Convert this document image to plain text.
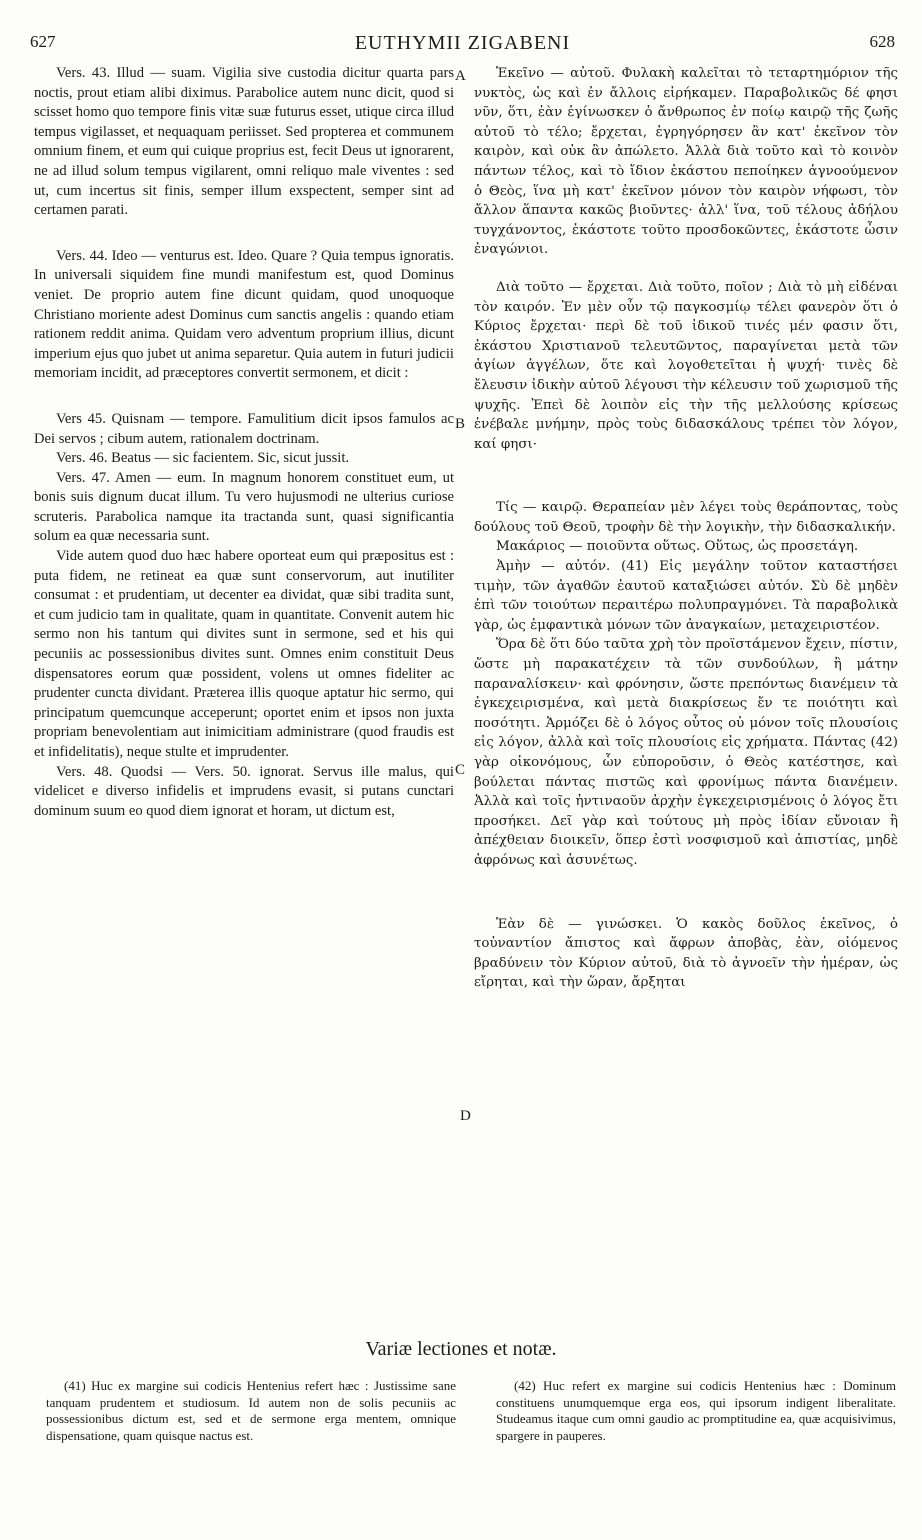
627	EUTHYMII ZIGABENI	628

Vers. 43. Illud — suam. Vigilia sive custodia dicitur quarta pars noctis, prout etiam alibi diximus. Parabolice autem nunc dicit, quod si scisset homo quo tempore finis vitæ suæ futurus esset, utique circa illud tempus vigilasset, et nequaquam periisset. Sed propterea et communem omnium finem, et eum qui cuique proprius est, fecit Deus ut ignorarent, ne ad illud solum tempus vigilarent, omni reliquo male viventes : sed ut, cum incertus sit finis, semper illum exspectent, semper sint ad certamen parati.

Vers. 44. Ideo — venturus est. Ideo. Quare ? Quia tempus ignoratis. In universali siquidem fine mundi manifestum est, quod Dominus veniet. De proprio autem fine dicunt quidam, quod unoquoque Christiano moriente adest Dominus cum sanctis angelis : quando etiam rationem reddit anima. Quidam vero adventum proprium illius, dicunt imperium ejus quo jubet ut anima separetur. Quia autem in futuri judicii memoriam incidit, ad præceptores convertit sermonem, et dicit :

Vers 45. Quisnam — tempore. Famulitium dicit ipsos famulos ac Dei servos ; cibum autem, rationalem doctrinam.

Vers. 46. Beatus — sic facientem. Sic, sicut jussit.

Vers. 47. Amen — eum. In magnum honorem constituet eum, ut bonis suis dignum ducat illum. Tu vero hujusmodi ne ulterius curiose scruteris. Parabolica namque ita tractanda sunt, quasi significantia solum ea quæ necessaria sunt.

Vide autem quod duo hæc habere oporteat eum qui præpositus est : puta fidem, ne retineat ea quæ sunt conservorum, aut inutiliter consumat : et prudentiam, ut decenter ea dividat, quæ sibi tradita sunt, et cum judicio tam in qualitate, quam in quantitate. Convenit autem hic sermo non his tantum qui divites sunt in sermone, sed et his qui pecuniis ac possessionibus divites sunt. Omnes enim constituit Deus dispensatores eorum quæ possident, volens ut omnes fideliter ac prudenter cuncta dividant. Præterea illis quoque aptatur hic sermo, qui principatum quemcunque acceperunt; oportet enim et ipsos non juxta propriam benevolentiam aut inimicitiam administrare (quod fraudis est et infidelitatis), neque stulte et imprudenter.

Vers. 48. Quodsi — Vers. 50. ignorat. Servus ille malus, qui videlicet e diverso infidelis et imprudens evasit, si putans cunctari dominum suum eo quod diem ignorat et horam, ut dictum est,

A
B
C
D

Ἐκεῖνο — αὐτοῦ. Φυλακὴ καλεῖται τὸ τεταρτημόριον τῆς νυκτὸς, ὡς καὶ ἐν ἄλλοις εἰρήκαμεν. Παραβολικῶς δέ φησι νῦν, ὅτι, ἐὰν ἐγίνωσκεν ὁ ἄνθρωπος ἐν ποίῳ καιρῷ τῆς ζωῆς αὐτοῦ τὸ τέλο; ἔρχεται, ἐγρηγόρησεν ἂν κατ' ἐκεῖνον τὸν καιρὸν, καὶ οὐκ ἂν ἀπώλετο. Ἀλλὰ διὰ τοῦτο καὶ τὸ κοινὸν πάντων τέλος, καὶ τὸ ἴδιον ἑκάστου πεποίηκεν ἀγνοούμενον ὁ Θεὸς, ἵνα μὴ κατ' ἐκεῖνον μόνον τὸν καιρὸν νήφωσι, τὸν ἄλλον ἅπαντα κακῶς βιοῦντες· ἀλλ' ἵνα, τοῦ τέλους ἀδήλου τυγχάνοντος, ἑκάστοτε τοῦτο προσδοκῶντες, ἑκάστοτε ὦσιν ἐναγώνιοι.

Διὰ τοῦτο — ἔρχεται. Διὰ τοῦτο, ποῖον ; Διὰ τὸ μὴ εἰδέναι τὸν καιρόν. Ἐν μὲν οὖν τῷ παγκοσμίῳ τέλει φανερὸν ὅτι ὁ Κύριος ἔρχεται· περὶ δὲ τοῦ ἰδικοῦ τινές μέν φασιν ὅτι, ἑκάστου Χριστιανοῦ τελευτῶντος, παραγίνεται μετὰ τῶν ἁγίων ἀγγέλων, ὅτε καὶ λογοθετεῖται ἡ ψυχή· τινὲς δὲ ἔλευσιν ἰδικὴν αὐτοῦ λέγουσι τὴν κέλευσιν τοῦ χωρισμοῦ τῆς ψυχῆς. Ἐπεὶ δὲ λοιπὸν εἰς τὴν τῆς μελλούσης κρίσεως ἐνέβαλε μνήμην, πρὸς τοὺς διδασκάλους τρέπει τὸν λόγον, καί φησι·

Τίς — καιρῷ. Θεραπείαν μὲν λέγει τοὺς θεράποντας, τοὺς δούλους τοῦ Θεοῦ, τροφὴν δὲ τὴν λογικὴν, τὴν διδασκαλικήν.

Μακάριος — ποιοῦντα οὕτως. Οὕτως, ὡς προσετάγη.

Ἀμὴν — αὐτόν. (41) Εἰς μεγάλην τοῦτον καταστήσει τιμὴν, τῶν ἀγαθῶν ἑαυτοῦ καταξιώσει αὐτόν. Σὺ δὲ μηδὲν ἐπὶ τῶν τοιούτων περαιτέρω πολυπραγμόνει. Τὰ παραβολικὰ γὰρ, ὡς ἐμφαντικὰ μόνων τῶν ἀναγκαίων, μεταχειριστέον.

Ὅρα δὲ ὅτι δύο ταῦτα χρὴ τὸν προϊστάμενον ἔχειν, πίστιν, ὥστε μὴ παρακατέχειν τὰ τῶν συνδούλων, ἢ μάτην παραναλίσκειν· καὶ φρόνησιν, ὥστε πρεπόντως διανέμειν τὰ ἐγκεχειρισμένα, καὶ μετὰ διακρίσεως ἔν τε ποιότητι καὶ ποσότητι. Ἁρμόζει δὲ ὁ λόγος οὗτος οὐ μόνον τοῖς πλουσίοις εἰς λόγον, ἀλλὰ καὶ τοῖς πλουσίοις εἰς χρήματα. Πάντας (42) γὰρ οἰκονόμους, ὧν εὐποροῦσιν, ὁ Θεὸς κατέστησε, καὶ βούλεται πάντας πιστῶς καὶ φρονίμως πάντα διανέμειν. Ἀλλὰ καὶ τοῖς ἡντιναοῦν ἀρχὴν ἐγκεχειρισμένοις ὁ λόγος ἔτι προσήκει. Δεῖ γὰρ καὶ τούτους μὴ πρὸς ἰδίαν εὔνοιαν ἢ ἀπέχθειαν διοικεῖν, ὅπερ ἐστὶ νοσφισμοῦ καὶ ἀπιστίας, μηδὲ ἀφρόνως καὶ ἀσυνέτως.

Ἐὰν δὲ — γινώσκει. Ὁ κακὸς δοῦλος ἐκεῖνος, ὁ τοὐναντίον ἄπιστος καὶ ἄφρων ἀποβὰς, ἐὰν, οἰόμενος βραδύνειν τὸν Κύριον αὐτοῦ, διὰ τὸ ἀγνοεῖν τὴν ἡμέραν, ὡς εἴρηται, καὶ τὴν ὥραν, ἄρξηται

Variæ lectiones et notæ.

(41) Huc ex margine sui codicis Hentenius refert hæc : Justissime sane tanquam prudentem et studiosum. Id autem non de solis pecuniis ac possessionibus dictum est, sed et de sermone erga mentem, omnique dispensatione, quam quisque nactus est.

(42) Huc refert ex margine sui codicis Hentenius hæc : Dominum constituens unumquemque erga eos, qui ipsorum indigent liberalitate. Studeamus itaque cum omni gaudio ac promptitudine ea, quæ acquisivimus, spargere in pauperes.
